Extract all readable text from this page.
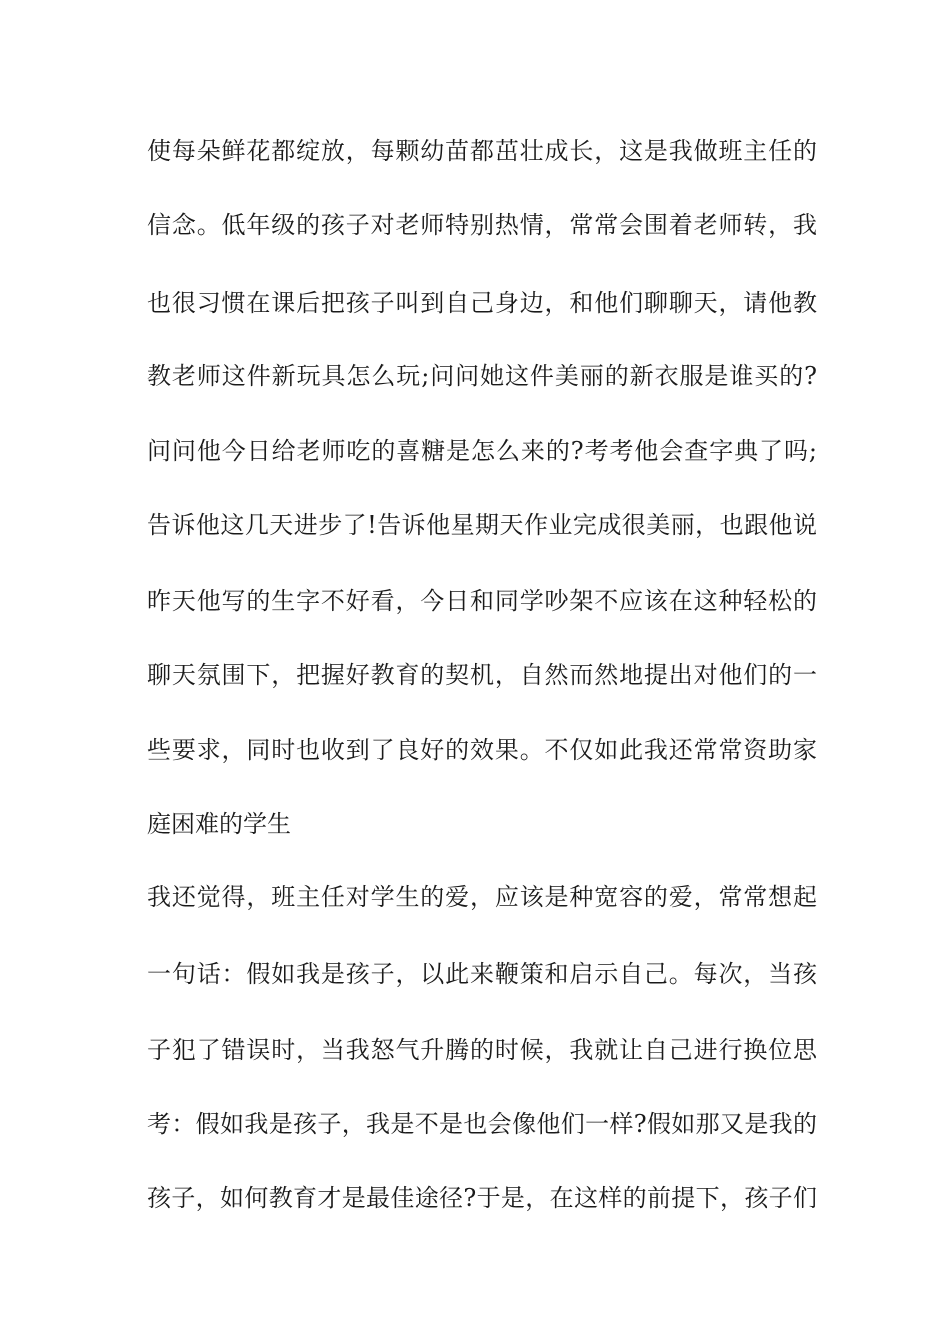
使每朵鲜花都绽放，每颗幼苗都茁壮成长，这是我做班主任的
信念。低年级的孩子对老师特别热情，常常会围着老师转，我
也很习惯在课后把孩子叫到自己身边，和他们聊聊天，请他教
教老师这件新玩具怎么玩;问问她这件美丽的新衣服是谁买的?
问问他今日给老师吃的喜糖是怎么来的?考考他会查字典了吗;
告诉他这几天进步了!告诉他星期天作业完成很美丽，也跟他说
昨天他写的生字不好看，今日和同学吵架不应该在这种轻松的
聊天氛围下，把握好教育的契机，自然而然地提出对他们的一
些要求，同时也收到了良好的效果。不仅如此我还常常资助家
庭困难的学生
我还觉得，班主任对学生的爱，应该是种宽容的爱，常常想起
一句话：假如我是孩子，以此来鞭策和启示自己。每次，当孩
子犯了错误时，当我怒气升腾的时候，我就让自己进行换位思
考：假如我是孩子，我是不是也会像他们一样?假如那又是我的
孩子，如何教育才是最佳途径?于是，在这样的前提下，孩子们
